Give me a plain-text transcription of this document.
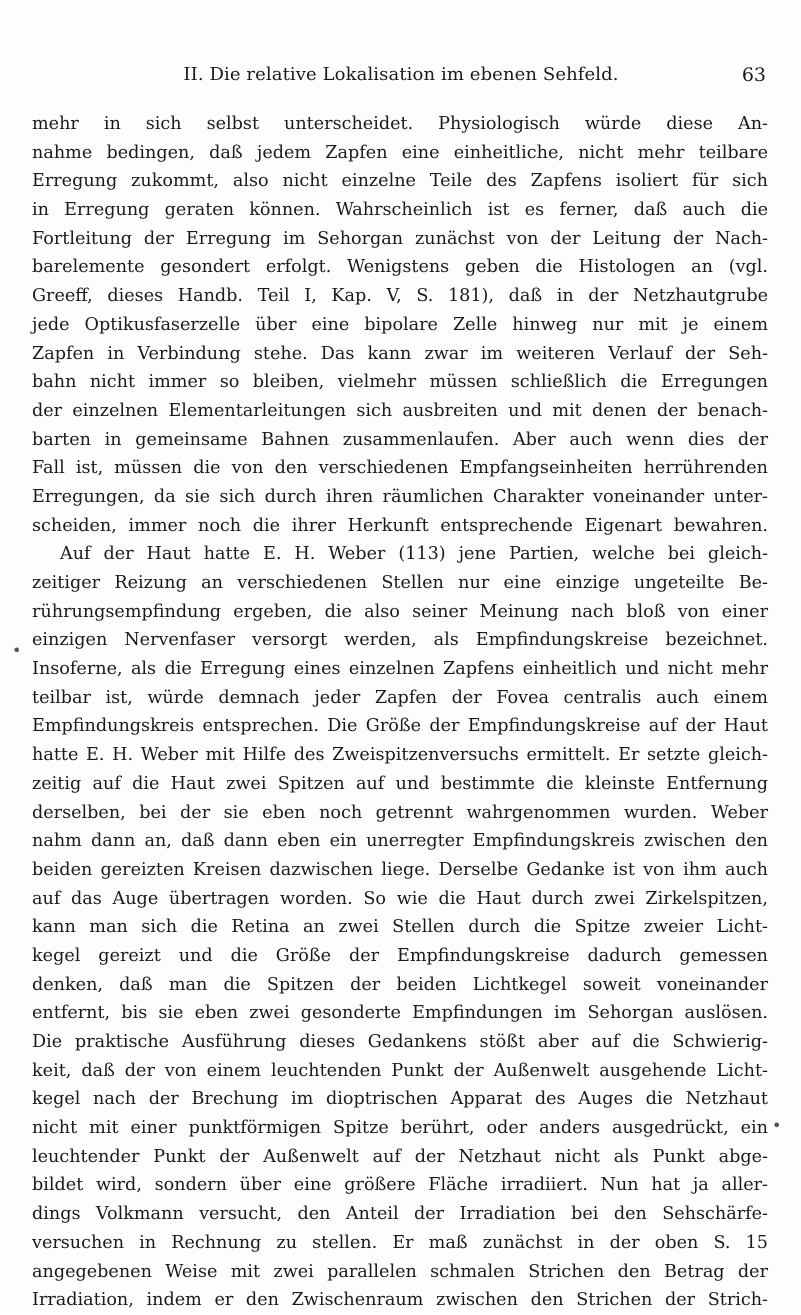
II. Die relative Lokalisation im ebenen Sehfeld.	63
mehr in sich selbst unterscheidet. Physiologisch würde diese An-
nahme bedingen, daß jedem Zapfen eine einheitliche, nicht mehr teilbare
Erregung zukommt, also nicht einzelne Teile des Zapfens isoliert für sich
in Erregung geraten können. Wahrscheinlich ist es ferner, daß auch die
Fortleitung der Erregung im Sehorgan zunächst von der Leitung der Nach-
barelemente gesondert erfolgt. Wenigstens geben die Histologen an (vgl.
Greeff, dieses Handb. Teil I, Kap. V, S. 181), daß in der Netzhautgrube
jede Optikusfaserzelle über eine bipolare Zelle hinweg nur mit je einem
Zapfen in Verbindung stehe. Das kann zwar im weiteren Verlauf der Seh-
bahn nicht immer so bleiben, vielmehr müssen schließlich die Erregungen
der einzelnen Elementarleitungen sich ausbreiten und mit denen der benach-
barten in gemeinsame Bahnen zusammenlaufen. Aber auch wenn dies der
Fall ist, müssen die von den verschiedenen Empfangseinheiten herrührenden
Erregungen, da sie sich durch ihren räumlichen Charakter voneinander unter-
scheiden, immer noch die ihrer Herkunft entsprechende Eigenart bewahren.
Auf der Haut hatte E. H. Weber (113) jene Partien, welche bei gleich-
zeitiger Reizung an verschiedenen Stellen nur eine einzige ungeteilte Be-
rührungsempfindung ergeben, die also seiner Meinung nach bloß von einer
einzigen Nervenfaser versorgt werden, als Empfindungskreise bezeichnet.
Insoferne, als die Erregung eines einzelnen Zapfens einheitlich und nicht mehr
teilbar ist, würde demnach jeder Zapfen der Fovea centralis auch einem
Empfindungskreis entsprechen. Die Größe der Empfindungskreise auf der Haut
hatte E. H. Weber mit Hilfe des Zweispitzenversuchs ermittelt. Er setzte gleich-
zeitig auf die Haut zwei Spitzen auf und bestimmte die kleinste Entfernung
derselben, bei der sie eben noch getrennt wahrgenommen wurden. Weber
nahm dann an, daß dann eben ein unerregter Empfindungskreis zwischen den
beiden gereizten Kreisen dazwischen liege. Derselbe Gedanke ist von ihm auch
auf das Auge übertragen worden. So wie die Haut durch zwei Zirkelspitzen,
kann man sich die Retina an zwei Stellen durch die Spitze zweier Licht-
kegel gereizt und die Größe der Empfindungskreise dadurch gemessen
denken, daß man die Spitzen der beiden Lichtkegel soweit voneinander
entfernt, bis sie eben zwei gesonderte Empfindungen im Sehorgan auslösen.
Die praktische Ausführung dieses Gedankens stößt aber auf die Schwierig-
keit, daß der von einem leuchtenden Punkt der Außenwelt ausgehende Licht-
kegel nach der Brechung im dioptrischen Apparat des Auges die Netzhaut
nicht mit einer punktförmigen Spitze berührt, oder anders ausgedrückt, ein
leuchtender Punkt der Außenwelt auf der Netzhaut nicht als Punkt abge-
bildet wird, sondern über eine größere Fläche irradiiert. Nun hat ja aller-
dings Volkmann versucht, den Anteil der Irradiation bei den Sehschärfe-
versuchen in Rechnung zu stellen. Er maß zunächst in der oben S. 15
angegebenen Weise mit zwei parallelen schmalen Strichen den Betrag der
Irradiation, indem er den Zwischenraum zwischen den Strichen der Strich-
•
•
